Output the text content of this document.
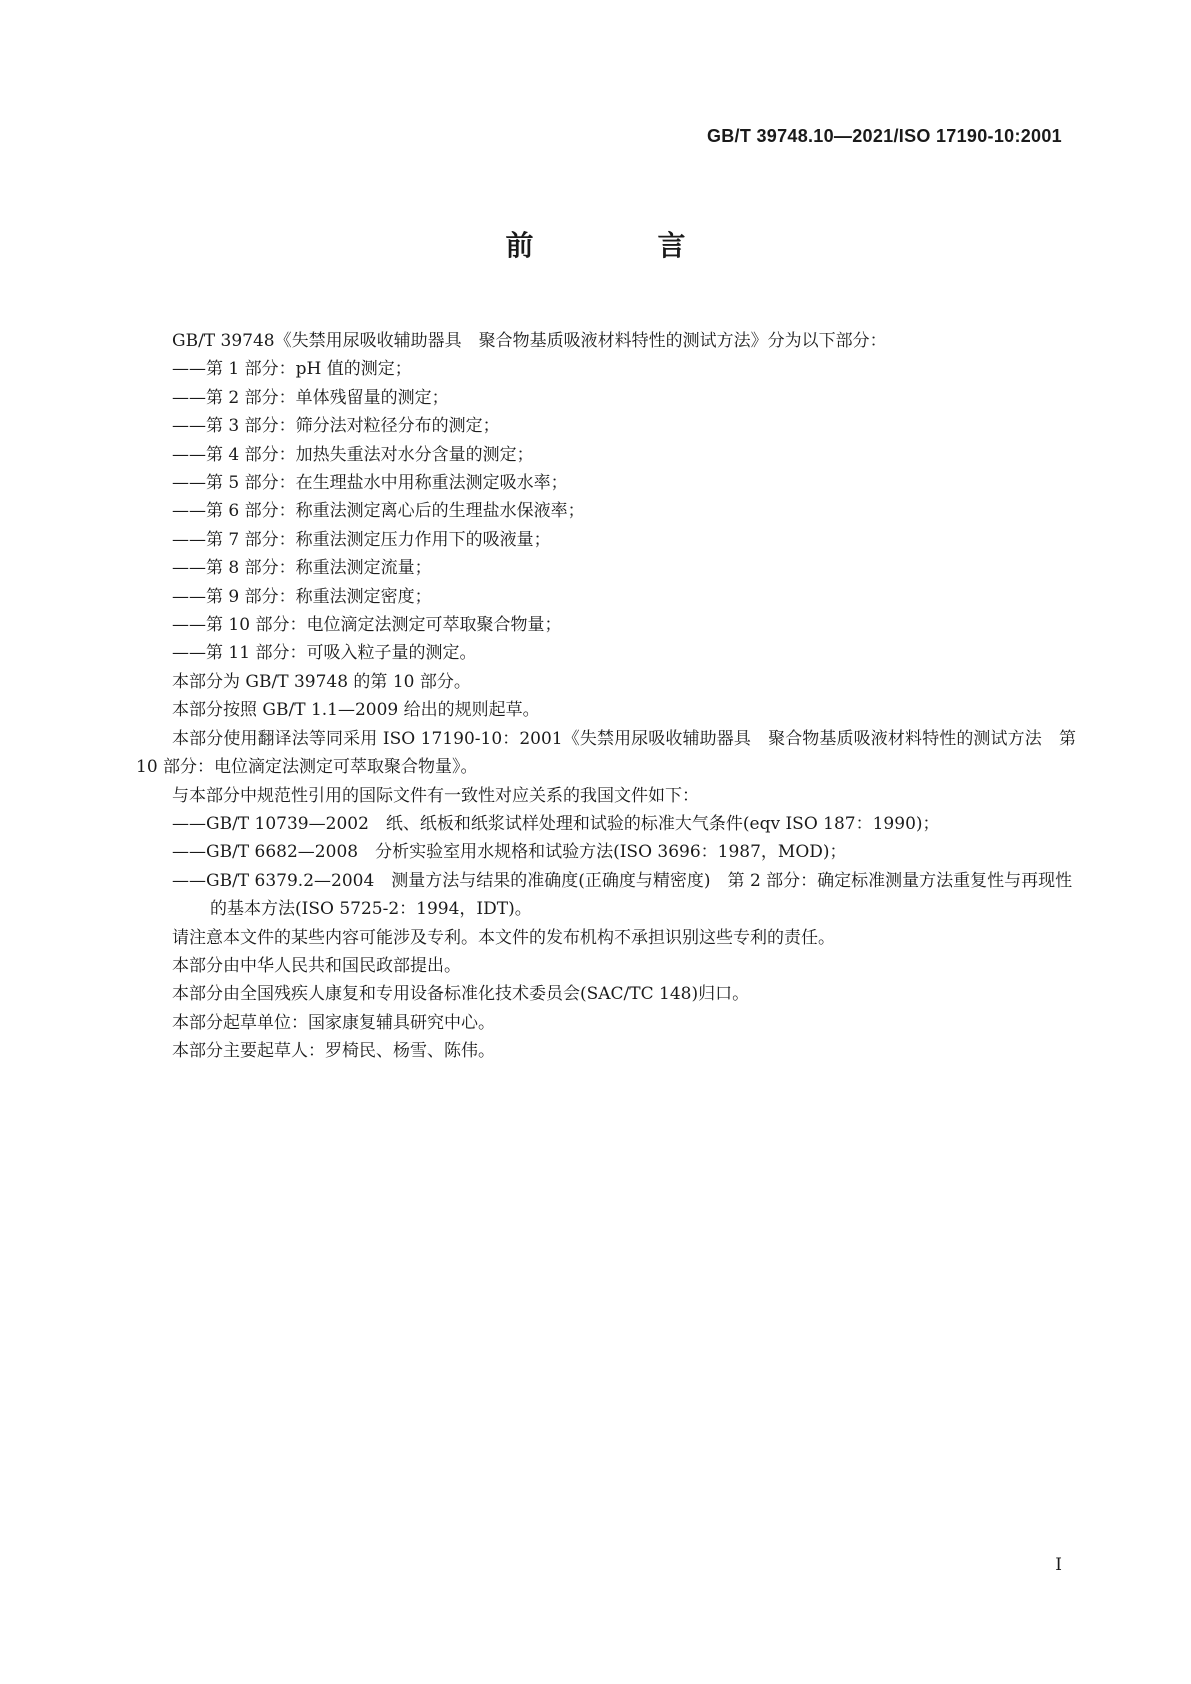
GB/T 39748.10—2021/ISO 17190-10:2001
前　言

GB/T 39748《失禁用尿吸收辅助器具　聚合物基质吸液材料特性的测试方法》分为以下部分：

——第 1 部分：pH 值的测定；

——第 2 部分：单体残留量的测定；

——第 3 部分：筛分法对粒径分布的测定；

——第 4 部分：加热失重法对水分含量的测定；

——第 5 部分：在生理盐水中用称重法测定吸水率；

——第 6 部分：称重法测定离心后的生理盐水保液率；

——第 7 部分：称重法测定压力作用下的吸液量；

——第 8 部分：称重法测定流量；

——第 9 部分：称重法测定密度；

——第 10 部分：电位滴定法测定可萃取聚合物量；

——第 11 部分：可吸入粒子量的测定。

本部分为 GB/T 39748 的第 10 部分。

本部分按照 GB/T 1.1—2009 给出的规则起草。

本部分使用翻译法等同采用 ISO 17190-10：2001《失禁用尿吸收辅助器具　聚合物基质吸液材料特性的测试方法　第 10 部分：电位滴定法测定可萃取聚合物量》。

与本部分中规范性引用的国际文件有一致性对应关系的我国文件如下：

——GB/T 10739—2002　纸、纸板和纸浆试样处理和试验的标准大气条件(eqv ISO 187：1990)；

——GB/T 6682—2008　分析实验室用水规格和试验方法(ISO 3696：1987，MOD)；

——GB/T 6379.2—2004　测量方法与结果的准确度(正确度与精密度)　第 2 部分：确定标准测量方法重复性与再现性的基本方法(ISO 5725-2：1994，IDT)。

请注意本文件的某些内容可能涉及专利。本文件的发布机构不承担识别这些专利的责任。

本部分由中华人民共和国民政部提出。

本部分由全国残疾人康复和专用设备标准化技术委员会(SAC/TC 148)归口。

本部分起草单位：国家康复辅具研究中心。

本部分主要起草人：罗椅民、杨雪、陈伟。

I
